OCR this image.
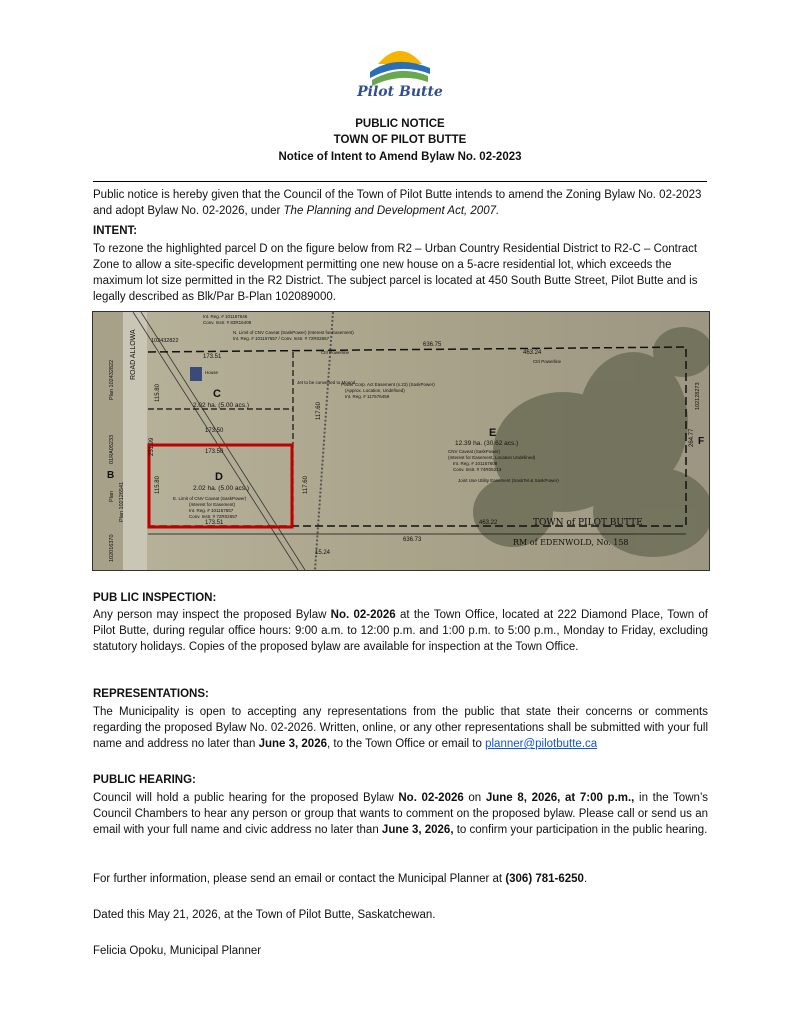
Pilot Butte
PUBLIC NOTICE
TOWN OF PILOT BUTTE
Notice of Intent to Amend Bylaw No. 02-2023

Public notice is hereby given that the Council of the Town of Pilot Butte intends to amend the Zoning Bylaw No. 02-2023 and adopt Bylaw No. 02-2026, under The Planning and Development Act, 2007.

INTENT:

To rezone the highlighted parcel D on the figure below from R2 – Urban Country Residential District to R2-C – Contract Zone to allow a site-specific development permitting one new house on a 5-acre residential lot, which exceeds the maximum lot size permitted in the R2 District. The subject parcel is located at 450 South Butte Street, Pilot Butte and is legally described as Blk/Par B-Plan 102089000.

ROAD ALLOWA
C
2.02 ha. (5.00 acs.)
D
2.02 ha. (5.00 acs.)
E
12.39 ha. (30.62 acs.)	F
B
173.51
636.75
463.24
173.50
173.50
173.51	463.22
636.73
115.80
115.80
117.60
117.60
264.77
251.99
15.24
Plan 102432822
102432822
Plan 102126541
102128273
102016370
Plan
01RA05233
N. Limit of CNV Caveat (SaskPower) (Interest for Easement)
Int. Reg. # 101167657 / Conv. Instr. # 72R02657
Int. Reg. # 101167646
Conv. Instr. # 83R15408
Power Corp. Act Easement (s.23) (SaskPower)
(Approx. Location, Undefined)
Int. Reg. # 117676459
CNV Caveat (SaskPower)
(Interest for Easement, Location Undefined)
Int. Reg. # 101167608
Conv. Instr. # 74R05213
E. Limit of CNV Caveat (SaskPower)
(Interest for Easement)
Int. Reg. # 101167657
Conv. Instr. # 72R02657
Joint Use Utility Easement (SaskTel & SaskPower)
Ctrl Powerline
Ctrl Powerline
Jet to be converted to Mound
House
TOWN of PILOT BUTTE
RM of EDENWOLD, No. 158
PUB LIC INSPECTION:

Any person may inspect the proposed Bylaw No. 02-2026 at the Town Office, located at 222 Diamond Place, Town of Pilot Butte, during regular office hours: 9:00 a.m. to 12:00 p.m. and 1:00 p.m. to 5:00 p.m., Monday to Friday, excluding statutory holidays. Copies of the proposed bylaw are available for inspection at the Town Office.

REPRESENTATIONS:

The Municipality is open to accepting any representations from the public that state their concerns or comments regarding the proposed Bylaw No. 02-2026. Written, online, or any other representations shall be submitted with your full name and address no later than June 3, 2026, to the Town Office or email to planner@pilotbutte.ca

PUBLIC HEARING:

Council will hold a public hearing for the proposed Bylaw No. 02-2026 on June 8, 2026, at 7:00 p.m., in the Town’s Council Chambers to hear any person or group that wants to comment on the proposed bylaw. Please call or send us an email with your full name and civic address no later than June 3, 2026, to confirm your participation in the public hearing.

For further information, please send an email or contact the Municipal Planner at (306) 781-6250.

Dated this May 21, 2026, at the Town of Pilot Butte, Saskatchewan.
Felicia Opoku, Municipal Planner
